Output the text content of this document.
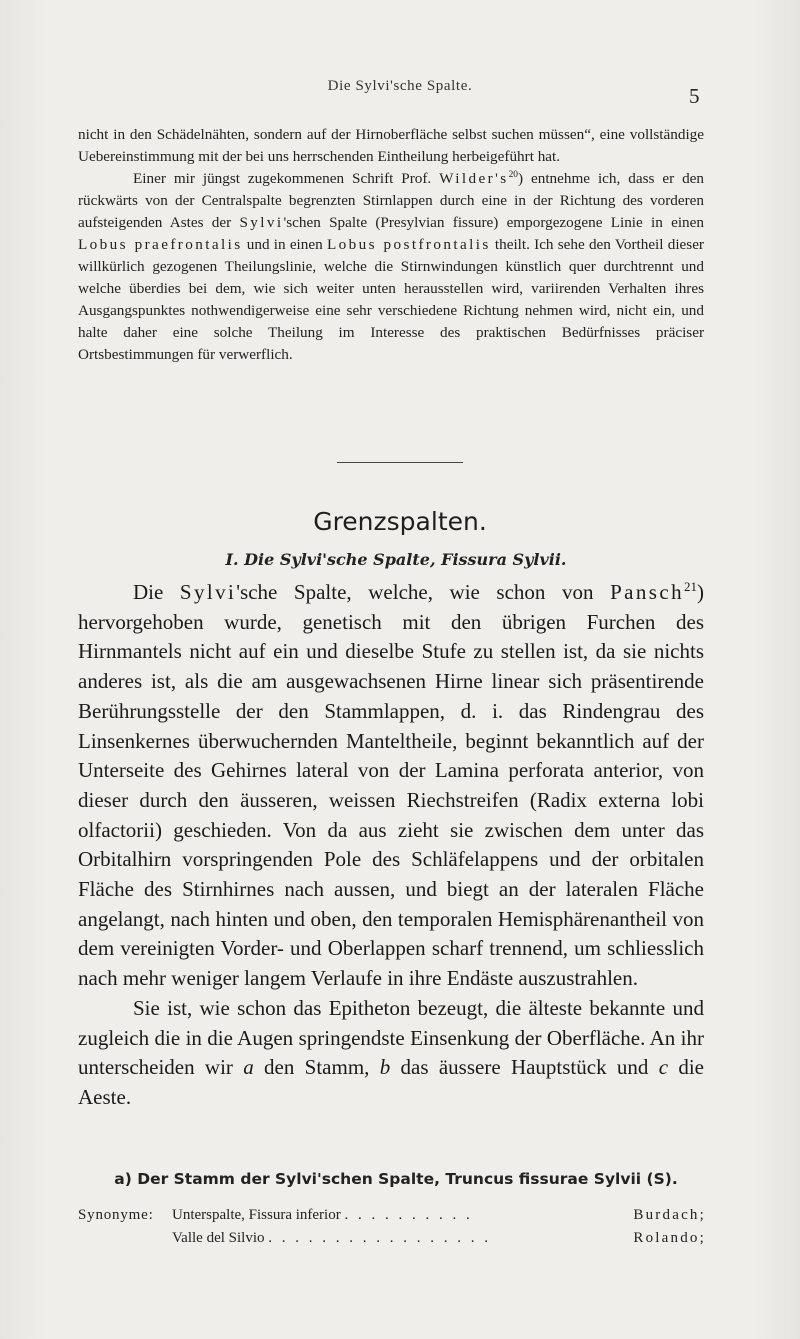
Die Sylvi'sche Spalte.	5

nicht in den Schädelnähten, sondern auf der Hirnoberfläche selbst suchen müssen“, eine vollständige Uebereinstimmung mit der bei uns herrschenden Eintheilung herbeigeführt hat.

Einer mir jüngst zugekommenen Schrift Prof. $Wilder's^{20}$) entnehme ich, dass er den rückwärts von der Centralspalte begrenzten Stirnlappen durch eine in der Richtung des vorderen aufsteigenden Astes der Sylvi'schen Spalte (Presylvian fissure) emporgezogene Linie in einen Lobus praefrontalis und in einen Lobus postfrontalis theilt. Ich sehe den Vortheil dieser willkürlich gezogenen Theilungslinie, welche die Stirnwindungen künstlich quer durchtrennt und welche überdies bei dem, wie sich weiter unten herausstellen wird, variirenden Verhalten ihres Ausgangspunktes nothwendigerweise eine sehr verschiedene Richtung nehmen wird, nicht ein, und halte daher eine solche Theilung im Interesse des praktischen Bedürfnisses präciser Ortsbestimmungen für verwerflich.

Grenzspalten.
I. Die Sylvi'sche Spalte, Fissura Sylvii.

Die Sylvi'sche Spalte, welche, wie schon von Pansch$^{21}$) hervorgehoben wurde, genetisch mit den übrigen Furchen des Hirnmantels nicht auf ein und dieselbe Stufe zu stellen ist, da sie nichts anderes ist, als die am ausgewachsenen Hirne linear sich präsentirende Berührungsstelle der den Stammlappen, d. i. das Rindengrau des Linsenkernes überwuchernden Manteltheile, beginnt bekanntlich auf der Unterseite des Gehirnes lateral von der Lamina perforata anterior, von dieser durch den äusseren, weissen Riechstreifen (Radix externa lobi olfactorii) geschieden. Von da aus zieht sie zwischen dem unter das Orbitalhirn vorspringenden Pole des Schläfelappens und der orbitalen Fläche des Stirnhirnes nach aussen, und biegt an der lateralen Fläche angelangt, nach hinten und oben, den temporalen Hemisphärenantheil von dem vereinigten Vorder- und Oberlappen scharf trennend, um schliesslich nach mehr weniger langem Verlaufe in ihre Endäste auszustrahlen.

Sie ist, wie schon das Epitheton bezeugt, die älteste bekannte und zugleich die in die Augen springendste Einsenkung der Oberfläche. An ihr unterscheiden wir a den Stamm, b das äussere Hauptstück und c die Aeste.

a) Der Stamm der Sylvi'schen Spalte, Truncus fissurae Sylvii (S).
Synonyme: Unterspalte, Fissura inferior . . . . . . . . . .	Burdach;
Valle del Silvio . . . . . . . . . . . . . . . . .	Rolando;
